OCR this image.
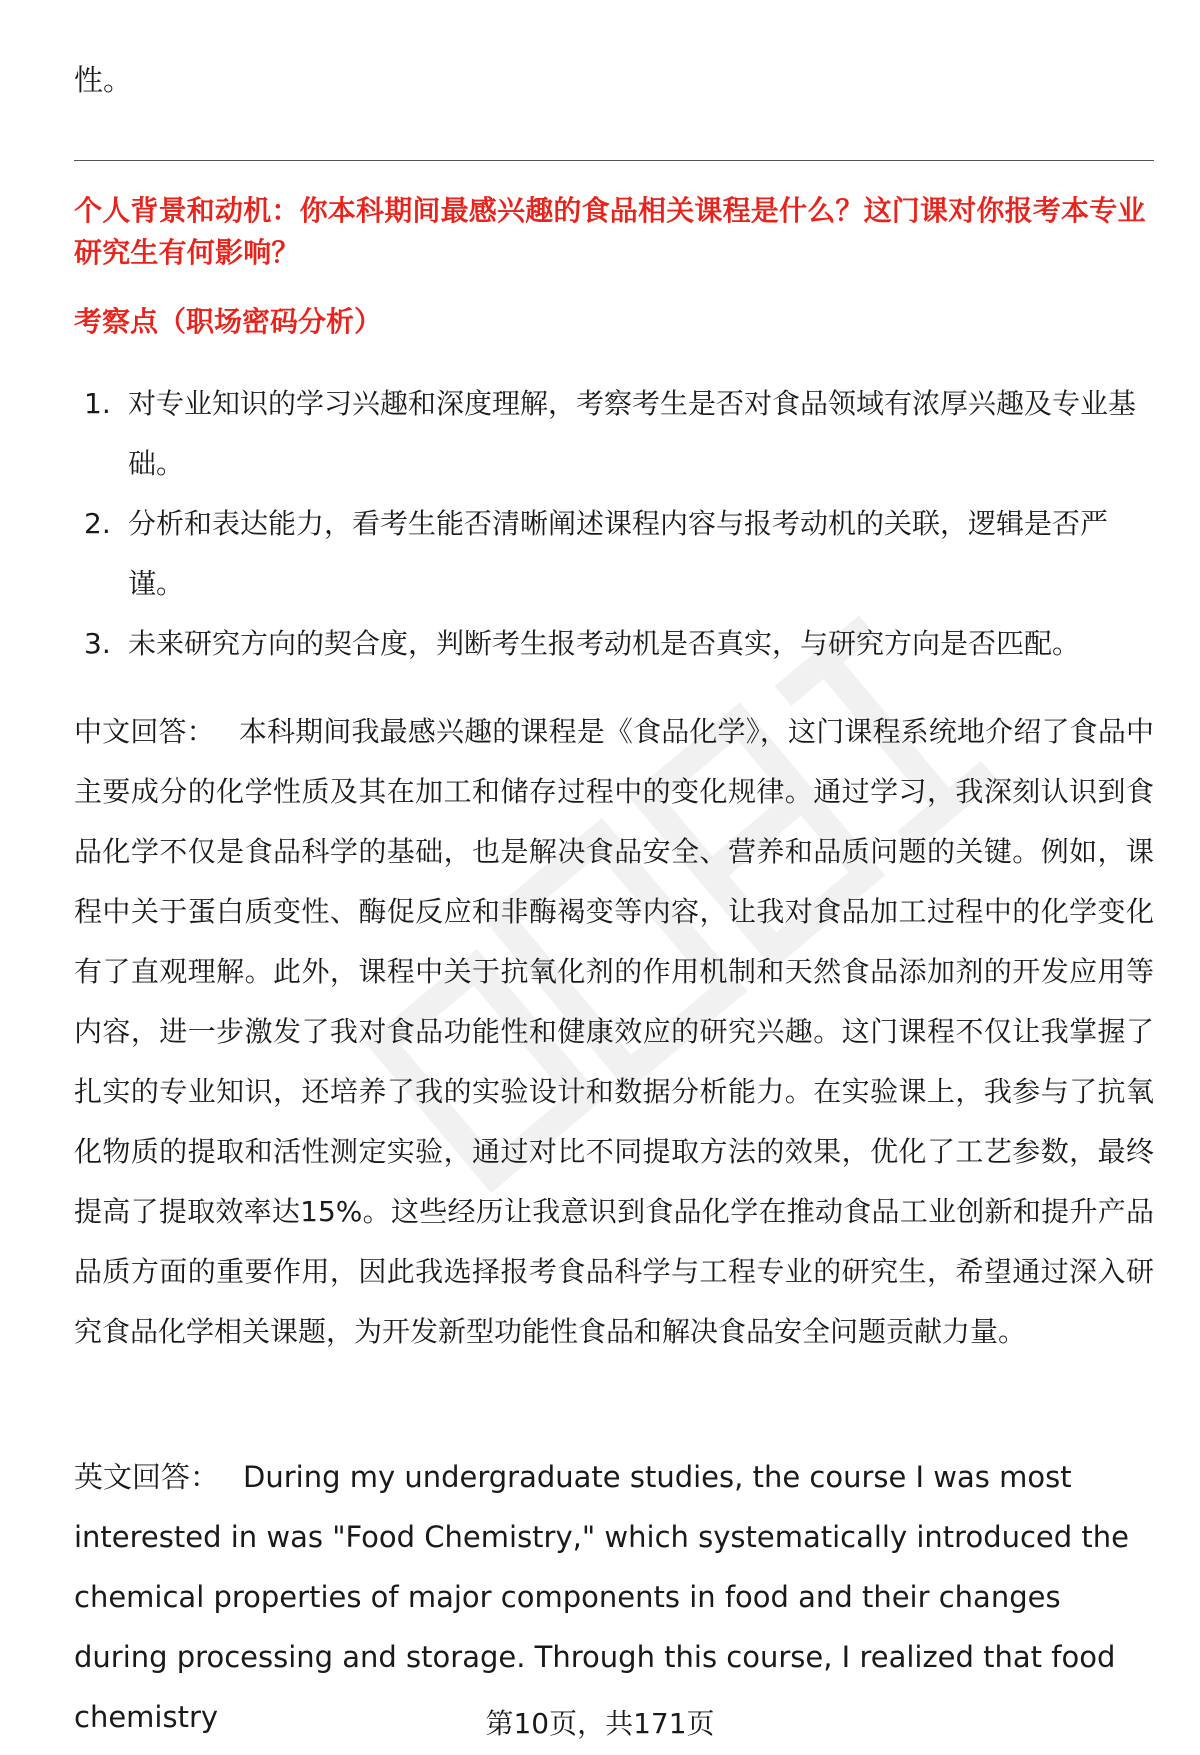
性。
个人背景和动机：你本科期间最感兴趣的食品相关课程是什么？这门课对你报考本专业研究生有何影响？
考察点（职场密码分析）
1. 对专业知识的学习兴趣和深度理解，考察考生是否对食品领域有浓厚兴趣及专业基础。
2. 分析和表达能力，看考生能否清晰阐述课程内容与报考动机的关联，逻辑是否严谨。
3. 未来研究方向的契合度，判断考生报考动机是否真实，与研究方向是否匹配。
中文回答： 本科期间我最感兴趣的课程是《食品化学》，这门课程系统地介绍了食品中主要成分的化学性质及其在加工和储存过程中的变化规律。通过学习，我深刻认识到食品化学不仅是食品科学的基础，也是解决食品安全、营养和品质问题的关键。例如，课程中关于蛋白质变性、酶促反应和非酶褐变等内容，让我对食品加工过程中的化学变化有了直观理解。此外，课程中关于抗氧化剂的作用机制和天然食品添加剂的开发应用等内容，进一步激发了我对食品功能性和健康效应的研究兴趣。这门课程不仅让我掌握了扎实的专业知识，还培养了我的实验设计和数据分析能力。在实验课上，我参与了抗氧化物质的提取和活性测定实验，通过对比不同提取方法的效果，优化了工艺参数，最终提高了提取效率达15%。这些经历让我意识到食品化学在推动食品工业创新和提升产品品质方面的重要作用，因此我选择报考食品科学与工程专业的研究生，希望通过深入研究食品化学相关课题，为开发新型功能性食品和解决食品安全问题贡献力量。
英文回答： During my undergraduate studies, the course I was most interested in was "Food Chemistry," which systematically introduced the chemical properties of major components in food and their changes during processing and storage. Through this course, I realized that food chemistry	第10页，共171页
